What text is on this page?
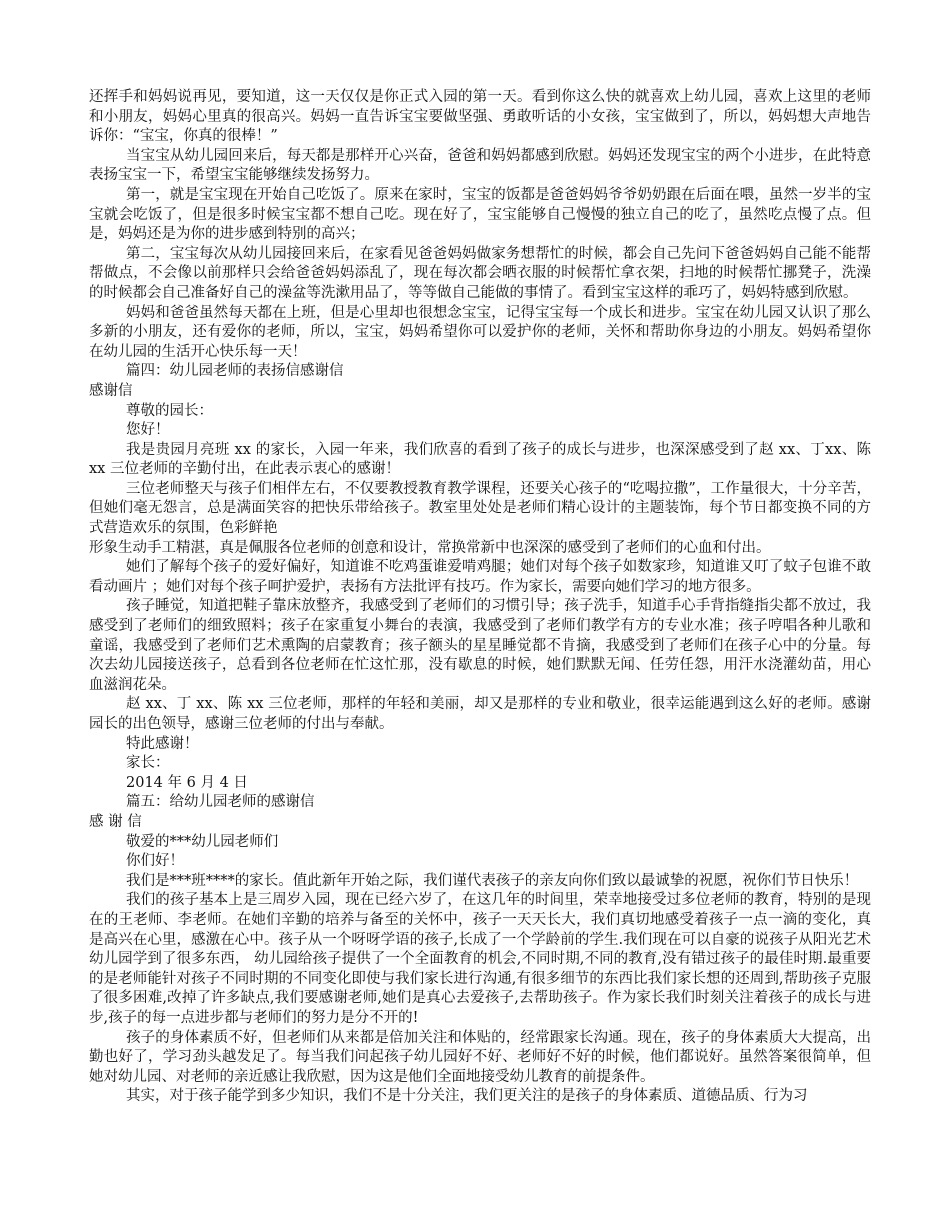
还挥手和妈妈说再见，要知道，这一天仅仅是你正式入园的第一天。看到你这么快的就喜欢上幼儿园，喜欢上这里的老师和小朋友，妈妈心里真的很高兴。妈妈一直告诉宝宝要做坚强、勇敢听话的小女孩，宝宝做到了，所以，妈妈想大声地告诉你：“宝宝，你真的很棒！”

当宝宝从幼儿园回来后，每天都是那样开心兴奋，爸爸和妈妈都感到欣慰。妈妈还发现宝宝的两个小进步，在此特意表扬宝宝一下，希望宝宝能够继续发扬努力。

第一，就是宝宝现在开始自己吃饭了。原来在家时，宝宝的饭都是爸爸妈妈爷爷奶奶跟在后面在喂，虽然一岁半的宝宝就会吃饭了，但是很多时候宝宝都不想自己吃。现在好了，宝宝能够自己慢慢的独立自己的吃了，虽然吃点慢了点。但是，妈妈还是为你的进步感到特别的高兴；

第二，宝宝每次从幼儿园接回来后，在家看见爸爸妈妈做家务想帮忙的时候，都会自己先问下爸爸妈妈自己能不能帮帮做点，不会像以前那样只会给爸爸妈妈添乱了，现在每次都会晒衣服的时候帮忙拿衣架，扫地的时候帮忙挪凳子，洗澡的时候都会自己准备好自己的澡盆等洗漱用品了，等等做自己能做的事情了。看到宝宝这样的乖巧了，妈妈特感到欣慰。

妈妈和爸爸虽然每天都在上班，但是心里却也很想念宝宝，记得宝宝每一个成长和进步。宝宝在幼儿园又认识了那么多新的小朋友，还有爱你的老师，所以，宝宝，妈妈希望你可以爱护你的老师，关怀和帮助你身边的小朋友。妈妈希望你在幼儿园的生活开心快乐每一天！

篇四：幼儿园老师的表扬信感谢信

感谢信

尊敬的园长：

您好！

我是贵园月亮班 xx 的家长，入园一年来，我们欣喜的看到了孩子的成长与进步，也深深感受到了赵 xx、丁xx、陈 xx 三位老师的辛勤付出，在此表示衷心的感谢！

三位老师整天与孩子们相伴左右，不仅要教授教育教学课程，还要关心孩子的“吃喝拉撒”，工作量很大，十分辛苦，但她们毫无怨言，总是满面笑容的把快乐带给孩子。教室里处处是老师们精心设计的主题装饰，每个节日都变换不同的方式营造欢乐的氛围，色彩鲜艳

形象生动手工精湛，真是佩服各位老师的创意和设计，常换常新中也深深的感受到了老师们的心血和付出。

她们了解每个孩子的爱好偏好，知道谁不吃鸡蛋谁爱啃鸡腿；她们对每个孩子如数家珍，知道谁又叮了蚊子包谁不敢看动画片 ；她们对每个孩子呵护爱护，表扬有方法批评有技巧。作为家长，需要向她们学习的地方很多。

孩子睡觉，知道把鞋子靠床放整齐，我感受到了老师们的习惯引导；孩子洗手，知道手心手背指缝指尖都不放过，我感受到了老师们的细致照料；孩子在家重复小舞台的表演，我感受到了老师们教学有方的专业水准；孩子哼唱各种儿歌和童谣，我感受到了老师们艺术熏陶的启蒙教育；孩子额头的星星睡觉都不肯摘，我感受到了老师们在孩子心中的分量。每次去幼儿园接送孩子，总看到各位老师在忙这忙那，没有歇息的时候，她们默默无闻、任劳任怨，用汗水浇灌幼苗，用心血滋润花朵。

赵 xx、丁 xx、陈 xx 三位老师，那样的年轻和美丽，却又是那样的专业和敬业，很幸运能遇到这么好的老师。感谢园长的出色领导，感谢三位老师的付出与奉献。

特此感谢！

家长：

2014 年 6 月 4 日

篇五：给幼儿园老师的感谢信

感 谢 信

敬爱的***幼儿园老师们

你们好！

我们是***班****的家长。值此新年开始之际，我们谨代表孩子的亲友向你们致以最诚挚的祝愿，祝你们节日快乐！

我们的孩子基本上是三周岁入园，现在已经六岁了，在这几年的时间里，荣幸地接受过多位老师的教育，特别的是现在的王老师、李老师。在她们辛勤的培养与备至的关怀中，孩子一天天长大，我们真切地感受着孩子一点一滴的变化，真是高兴在心里，感激在心中。孩子从一个呀呀学语的孩子,长成了一个学龄前的学生.我们现在可以自豪的说孩子从阳光艺术幼儿园学到了很多东西， 幼儿园给孩子提供了一个全面教育的机会,不同时期,不同的教育,没有错过孩子的最佳时期.最重要的是老师能针对孩子不同时期的不同变化即使与我们家长进行沟通,有很多细节的东西比我们家长想的还周到,帮助孩子克服了很多困难,改掉了许多缺点,我们要感谢老师,她们是真心去爱孩子,去帮助孩子。作为家长我们时刻关注着孩子的成长与进步,孩子的每一点进步都与老师们的努力是分不开的!

孩子的身体素质不好，但老师们从来都是倍加关注和体贴的，经常跟家长沟通。现在，孩子的身体素质大大提高，出勤也好了，学习劲头越发足了。每当我们问起孩子幼儿园好不好、老师好不好的时候，他们都说好。虽然答案很简单，但她对幼儿园、对老师的亲近感让我欣慰，因为这是他们全面地接受幼儿教育的前提条件。

其实，对于孩子能学到多少知识，我们不是十分关注，我们更关注的是孩子的身体素质、道德品质、行为习
